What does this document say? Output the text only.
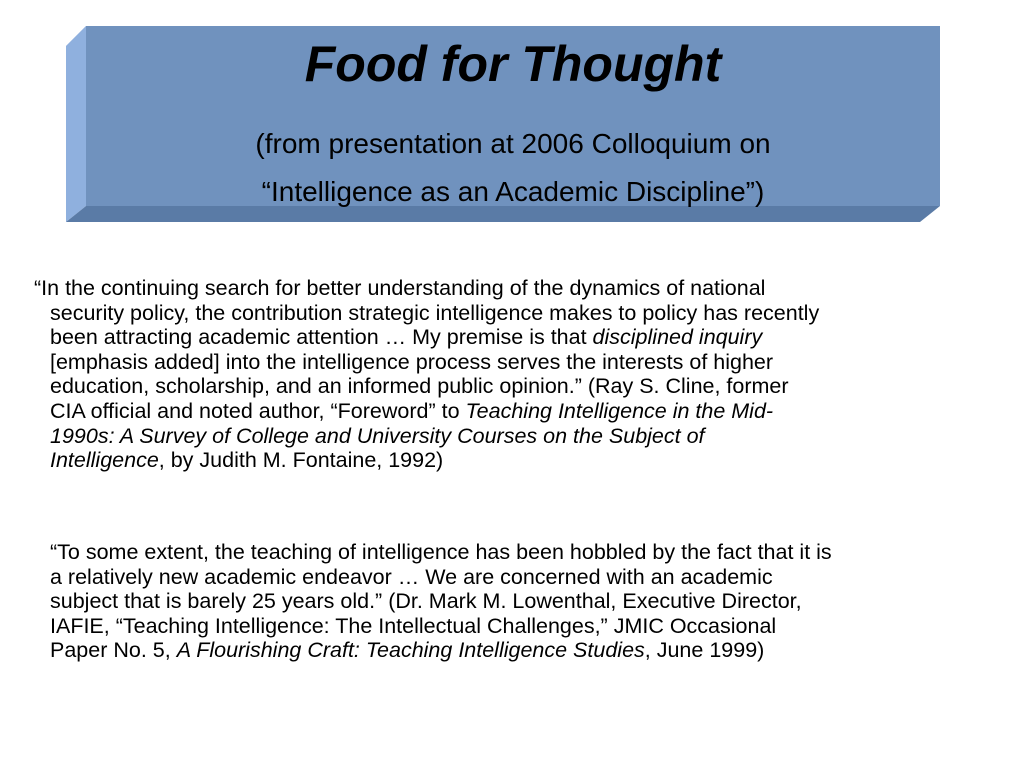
Food for Thought

(from presentation at 2006 Colloquium on
“Intelligence as an Academic Discipline”)

“In the continuing search for better understanding of the dynamics of national
security policy, the contribution strategic intelligence makes to policy has recently
been attracting academic attention … My premise is that disciplined inquiry
[emphasis added] into the intelligence process serves the interests of higher
education, scholarship, and an informed public opinion.” (Ray S. Cline, former
CIA official and noted author, “Foreword” to Teaching Intelligence in the Mid-
1990s: A Survey of College and University Courses on the Subject of
Intelligence, by Judith M. Fontaine, 1992)

“To some extent, the teaching of intelligence has been hobbled by the fact that it is
a relatively new academic endeavor … We are concerned with an academic
subject that is barely 25 years old.” (Dr. Mark M. Lowenthal, Executive Director,
IAFIE, “Teaching Intelligence: The Intellectual Challenges,” JMIC Occasional
Paper No. 5, A Flourishing Craft: Teaching Intelligence Studies, June 1999)
